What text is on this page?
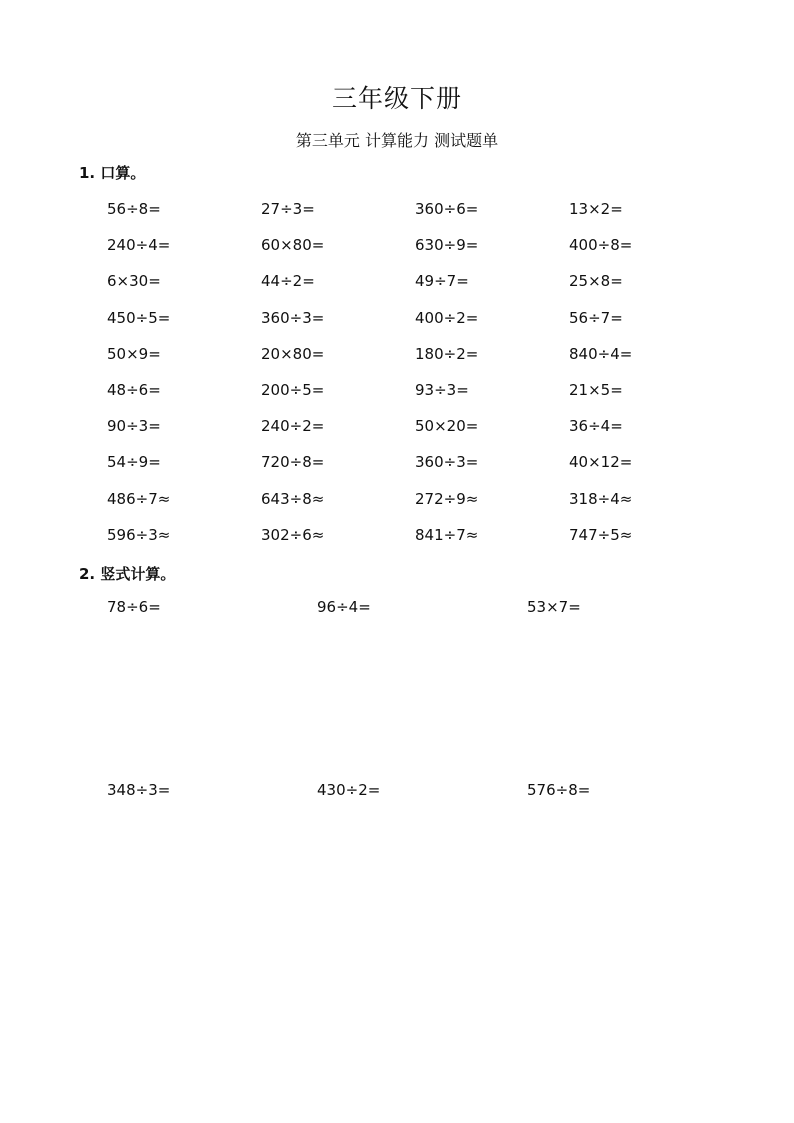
三年级下册
第三单元 计算能力 测试题单
1. 口算。
56÷8=	27÷3=	360÷6=	13×2=
240÷4=	60×80=	630÷9=	400÷8=
6×30=	44÷2=	49÷7=	25×8=
450÷5=	360÷3=	400÷2=	56÷7=
50×9=	20×80=	180÷2=	840÷4=
48÷6=	200÷5=	93÷3=	21×5=
90÷3=	240÷2=	50×20=	36÷4=
54÷9=	720÷8=	360÷3=	40×12=
486÷7≈	643÷8≈	272÷9≈	318÷4≈
596÷3≈	302÷6≈	841÷7≈	747÷5≈
2. 竖式计算。
78÷6=	96÷4=	53×7=
348÷3=	430÷2=	576÷8=
